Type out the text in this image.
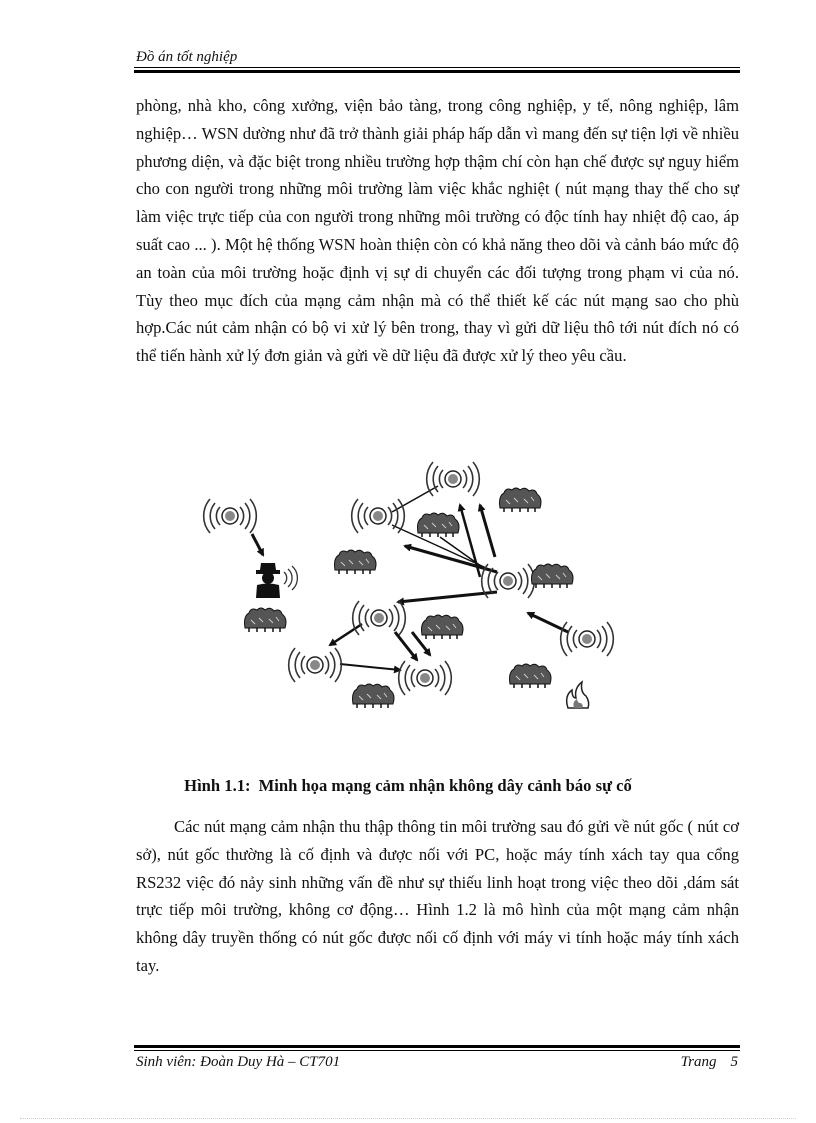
Đồ án tốt nghiệp

phòng, nhà kho, công xưởng, viện bảo tàng, trong công nghiệp, y tế, nông nghiệp, lâm nghiệp… WSN dường như đã trở thành giải pháp hấp dẫn vì mang đến sự tiện lợi về nhiều phương diện, và đặc biệt trong nhiều trường hợp thậm chí còn hạn chế được sự nguy hiểm cho con người trong những môi trường làm việc khắc nghiệt ( nút mạng thay thế cho sự làm việc trực tiếp của con người trong những môi trường có độc tính hay nhiệt độ cao, áp suất cao ... ). Một hệ thống WSN hoàn thiện còn có khả năng theo dõi và cảnh báo mức độ an toàn của môi trường hoặc định vị sự di chuyển các đối tượng trong phạm vi của nó. Tùy theo mục đích của mạng cảm nhận mà có thể thiết kế các nút mạng sao cho phù hợp.Các nút cảm nhận có bộ vi xử lý bên trong, thay vì gửi dữ liệu thô tới nút đích nó có thể tiến hành xử lý đơn giản và gửi về dữ liệu đã được xử lý theo yêu cầu.

Hình 1.1: Minh họa mạng cảm nhận không dây cảnh báo sự cố

Các nút mạng cảm nhận thu thập thông tin môi trường sau đó gửi về nút gốc ( nút cơ sở), nút gốc thường là cố định và được nối với PC, hoặc máy tính xách tay qua cổng RS232 việc đó nảy sinh những vấn đề như sự thiếu linh hoạt trong việc theo dõi ,dám sát trực tiếp môi trường, không cơ động… Hình 1.2 là mô hình của một mạng cảm nhận không dây truyền thống có nút gốc được nối cố định với máy vi tính hoặc máy tính xách tay.

Sinh viên: Đoàn Duy Hà – CT701	Trang 5
